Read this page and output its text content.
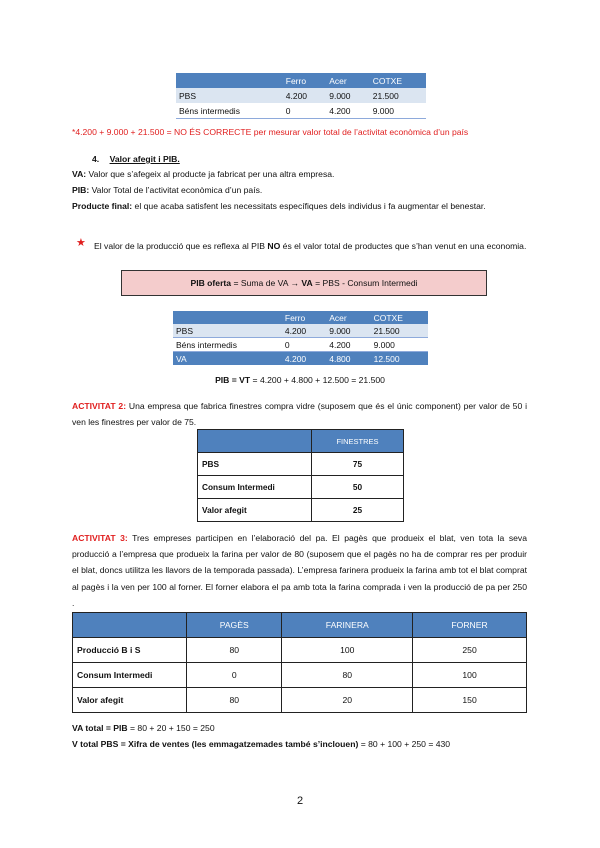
	Ferro	Acer	COTXE
PBS	4.200	9.000	21.500
Béns intermedis	0	4.200	9.000
*4.200 + 9.000 + 21.500 = NO ÉS CORRECTE per mesurar valor total de l’activitat econòmica d’un país
4. Valor afegit i PIB.
VA: Valor que s’afegeix al producte ja fabricat per una altra empresa.
PIB: Valor Total de l’activitat econòmica d’un país.
Producte final: el que acaba satisfent les necessitats específiques dels individus i fa augmentar el benestar.
★ El valor de la producció que es reflexa al PIB NO és el valor total de productes que s’han venut en una economia.
PIB oferta = Suma de VA → VA = PBS - Consum Intermedi
	Ferro	Acer	COTXE
PBS	4.200	9.000	21.500
Béns intermedis	0	4.200	9.000
VA	4.200	4.800	12.500
PIB = VT = 4.200 + 4.800 + 12.500 = 21.500
ACTIVITAT 2: Una empresa que fabrica finestres compra vidre (suposem que és el únic component) per valor de 50 i ven les finestres per valor de 75.
	FINESTRES
PBS	75
Consum Intermedi	50
Valor afegit	25
ACTIVITAT 3: Tres empreses participen en l’elaboració del pa. El pagès que produeix el blat, ven tota la seva producció a l’empresa que produeix la farina per valor de 80 (suposem que el pagès no ha de comprar res per produir el blat, doncs utilitza les llavors de la temporada passada). L’empresa farinera produeix la farina amb tot el blat comprat al pagès i la ven per 100 al forner. El forner elabora el pa amb tota la farina comprada i ven la producció de pa per 250 .
	PAGÈS	FARINERA	FORNER
Producció B i S	80	100	250
Consum Intermedi	0	80	100
Valor afegit	80	20	150
VA total = PIB = 80 + 20 + 150 = 250
V total PBS = Xifra de ventes (les emmagatzemades també s’inclouen) = 80 + 100 + 250 = 430
2
